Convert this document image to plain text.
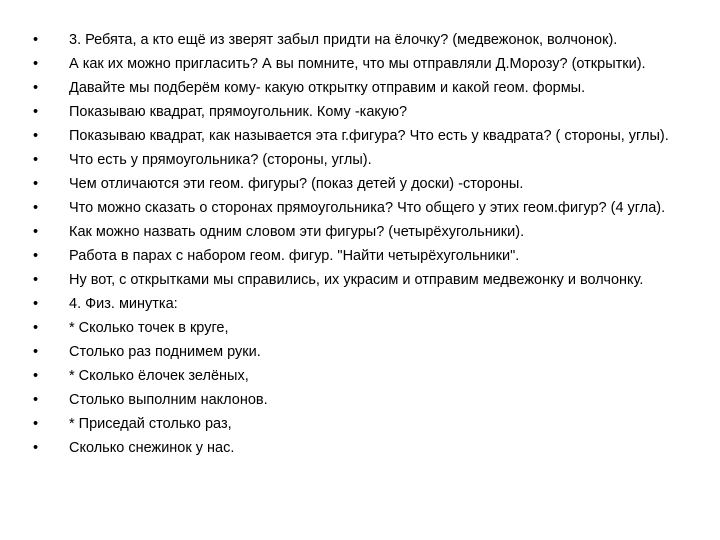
• 3. Ребята, а кто ещё из зверят забыл придти на ёлочку? (медвежонок, волчонок).
• А как их можно пригласить? А вы помните, что мы отправляли Д.Морозу? (открытки).
• Давайте мы подберём кому- какую открытку отправим и какой геом. формы.
• Показываю квадрат, прямоугольник. Кому -какую?
• Показываю квадрат, как называется эта г.фигура? Что есть у квадрата? ( стороны, углы).
• Что есть у прямоугольника? (стороны, углы).
• Чем отличаются эти геом. фигуры? (показ детей у доски) -стороны.
• Что можно сказать о сторонах прямоугольника? Что общего у этих геом.фигур? (4 угла).
• Как можно назвать одним словом эти фигуры? (четырёхугольники).
• Работа в парах с набором геом. фигур. "Найти четырёхугольники".
• Ну вот, с открытками мы справились, их украсим и отправим медвежонку и волчонку.
• 4. Физ. минутка:
• * Сколько точек в круге,
• Столько раз поднимем руки.
• * Сколько ёлочек зелёных,
• Столько выполним наклонов.
• * Приседай столько раз,
• Сколько снежинок у нас.
